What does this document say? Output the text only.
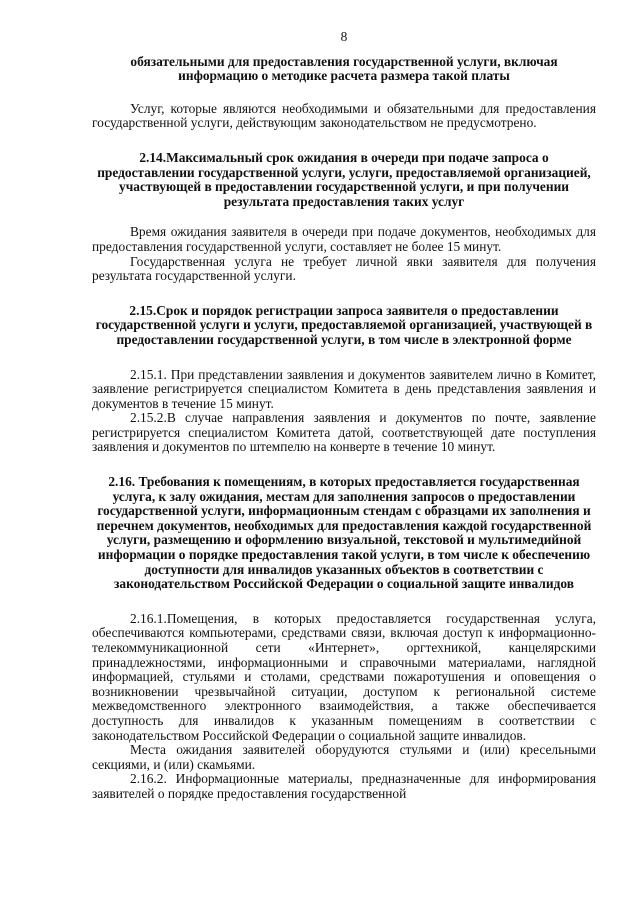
8

обязательными для предоставления государственной услуги, включая информацию о методике расчета размера такой платы

Услуг, которые являются необходимыми и обязательными для предоставления государственной услуги, действующим законодательством не предусмотрено.

2.14.Максимальный срок ожидания в очереди при подаче запроса о предоставлении государственной услуги, услуги, предоставляемой организацией, участвующей в предоставлении государственной услуги, и при получении результата предоставления таких услуг

Время ожидания заявителя в очереди при подаче документов, необходимых для предоставления государственной услуги, составляет не более 15 минут.

Государственная услуга не требует личной явки заявителя для получения результата государственной услуги.

2.15.Срок и порядок регистрации запроса заявителя о предоставлении государственной услуги и услуги, предоставляемой организацией, участвующей в предоставлении государственной услуги, в том числе в электронной форме

2.15.1. При представлении заявления и документов заявителем лично в Комитет, заявление регистрируется специалистом Комитета в день представления заявления и документов в течение 15 минут.

2.15.2.В случае направления заявления и документов по почте, заявление регистрируется специалистом Комитета датой, соответствующей дате поступления заявления и документов по штемпелю на конверте в течение 10 минут.

2.16. Требования к помещениям, в которых предоставляется государственная услуга, к залу ожидания, местам для заполнения запросов о предоставлении государственной услуги, информационным стендам с образцами их заполнения и перечнем документов, необходимых для предоставления каждой государственной услуги, размещению и оформлению визуальной, текстовой и мультимедийной информации о порядке предоставления такой услуги, в том числе к обеспечению доступности для инвалидов указанных объектов в соответствии с законодательством Российской Федерации о социальной защите инвалидов

2.16.1.Помещения, в которых предоставляется государственная услуга, обеспечиваются компьютерами, средствами связи, включая доступ к информационно-телекоммуникационной сети «Интернет», оргтехникой, канцелярскими принадлежностями, информационными и справочными материалами, наглядной информацией, стульями и столами, средствами пожаротушения и оповещения о возникновении чрезвычайной ситуации, доступом к региональной системе межведомственного электронного взаимодействия, а также обеспечивается доступность для инвалидов к указанным помещениям в соответствии с законодательством Российской Федерации о социальной защите инвалидов.

Места ожидания заявителей оборудуются стульями и (или) кресельными секциями, и (или) скамьями.

2.16.2. Информационные материалы, предназначенные для информирования заявителей о порядке предоставления государственной
